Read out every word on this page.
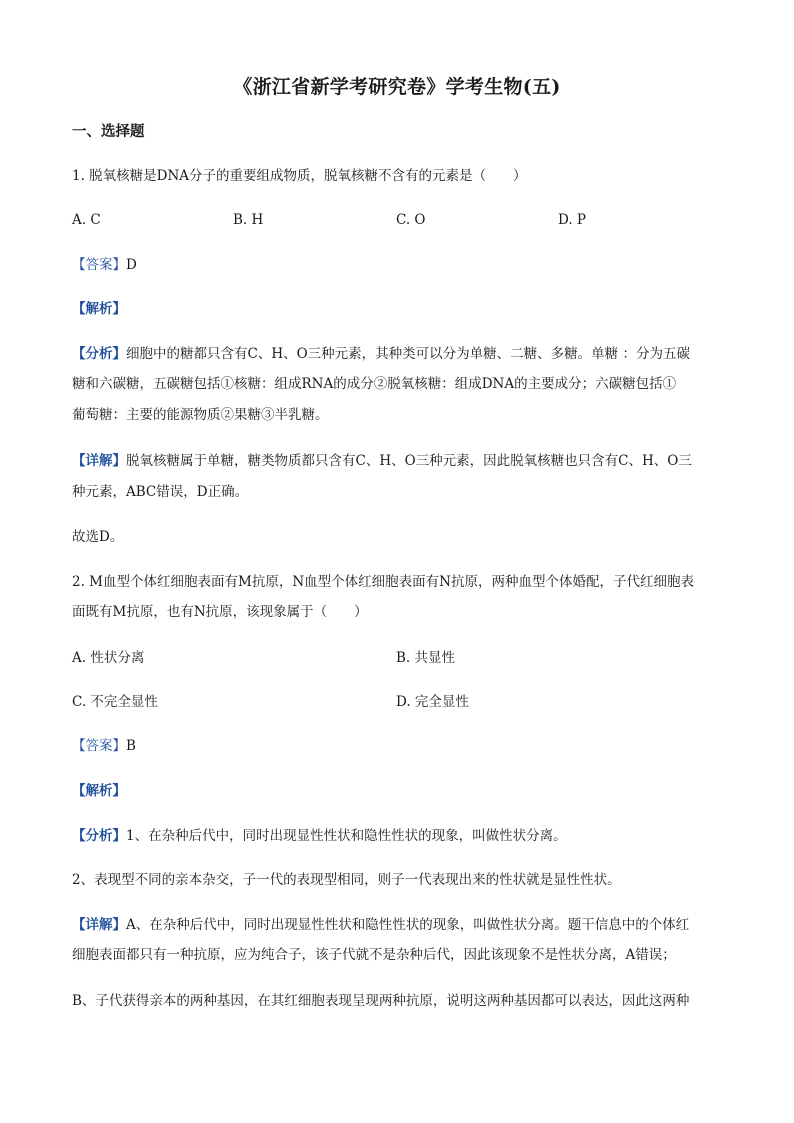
《浙江省新学考研究卷》学考生物(五)
一、选择题
1. 脱氧核糖是DNA分子的重要组成物质，脱氧核糖不含有的元素是（　　）
A. C	B. H	C. O	D. P
【答案】D
【解析】
【分析】细胞中的糖都只含有C、H、O三种元素，其种类可以分为单糖、二糖、多糖。单糖 ：分为五碳
糖和六碳糖，五碳糖包括①核糖：组成RNA的成分②脱氧核糖：组成DNA的主要成分；六碳糖包括①
葡萄糖：主要的能源物质②果糖③半乳糖。
【详解】脱氧核糖属于单糖，糖类物质都只含有C、H、O三种元素，因此脱氧核糖也只含有C、H、O三
种元素，ABC错误，D正确。
故选D。
2. M血型个体红细胞表面有M抗原，N血型个体红细胞表面有N抗原，两种血型个体婚配，子代红细胞表
面既有M抗原，也有N抗原，该现象属于（　　）
A. 性状分离	B. 共显性
C. 不完全显性	D. 完全显性
【答案】B
【解析】
【分析】1、在杂种后代中，同时出现显性性状和隐性性状的现象，叫做性状分离。
2、表现型不同的亲本杂交，子一代的表现型相同，则子一代表现出来的性状就是显性性状。
【详解】A、在杂种后代中，同时出现显性性状和隐性性状的现象，叫做性状分离。题干信息中的个体红
细胞表面都只有一种抗原，应为纯合子，该子代就不是杂种后代，因此该现象不是性状分离，A错误；
B、子代获得亲本的两种基因，在其红细胞表现呈现两种抗原，说明这两种基因都可以表达，因此这两种
